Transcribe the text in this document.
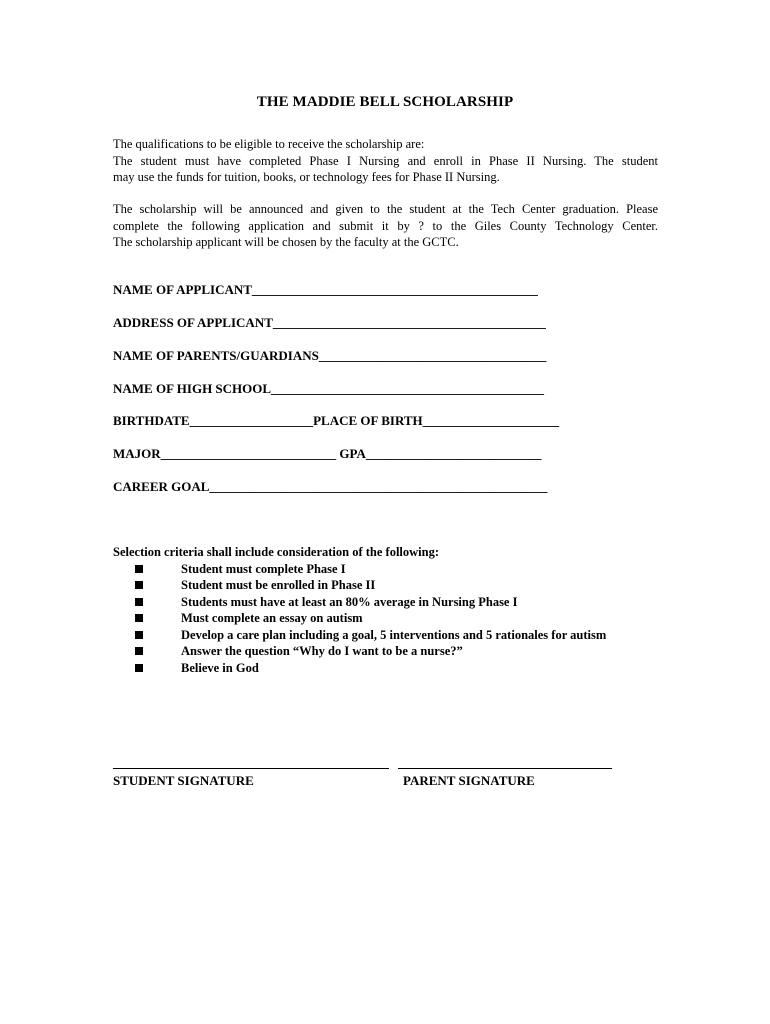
THE MADDIE BELL SCHOLARSHIP
The qualifications to be eligible to receive the scholarship are:
The student must have completed Phase I Nursing and enroll in Phase II Nursing. The student
may use the funds for tuition, books, or technology fees for Phase II Nursing.
The scholarship will be announced and given to the student at the Tech Center graduation. Please
complete the following application and submit it by ? to the Giles County Technology Center.
The scholarship applicant will be chosen by the faculty at the GCTC.
NAME OF APPLICANT____________________________________________
ADDRESS OF APPLICANT__________________________________________
NAME OF PARENTS/GUARDIANS___________________________________
NAME OF HIGH SCHOOL__________________________________________
BIRTHDATE___________________PLACE OF BIRTH_____________________
MAJOR___________________________ GPA___________________________
CAREER GOAL____________________________________________________
Selection criteria shall include consideration of the following:
Student must complete Phase I
Student must be enrolled in Phase II
Students must have at least an 80% average in Nursing Phase I
Must complete an essay on autism
Develop a care plan including a goal, 5 interventions and 5 rationales for autism
Answer the question “Why do I want to be a nurse?”
Believe in God
STUDENT SIGNATURE	PARENT SIGNATURE
